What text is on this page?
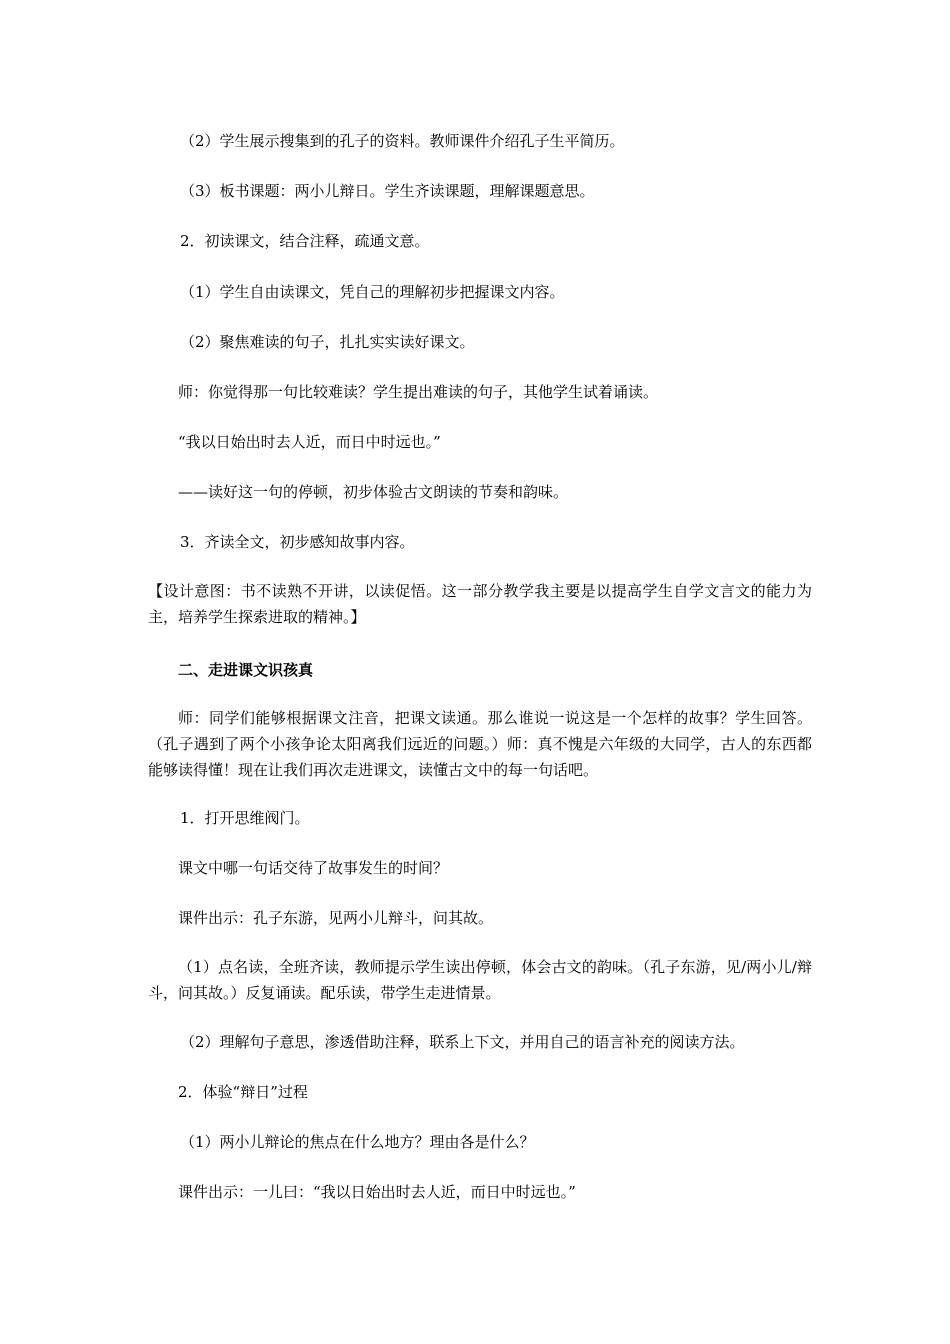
（2）学生展示搜集到的孔子的资料。教师课件介绍孔子生平简历。
（3）板书课题：两小儿辩日。学生齐读课题，理解课题意思。
2．初读课文，结合注释，疏通文意。
（1）学生自由读课文，凭自己的理解初步把握课文内容。
（2）聚焦难读的句子，扎扎实实读好课文。
师：你觉得那一句比较难读？学生提出难读的句子，其他学生试着诵读。
“我以日始出时去人近，而日中时远也。”
——读好这一句的停顿，初步体验古文朗读的节奏和韵味。
3．齐读全文，初步感知故事内容。
【设计意图：书不读熟不开讲，以读促悟。这一部分教学我主要是以提高学生自学文言文的能力为主，培养学生探索进取的精神。】
二、走进课文识孩真
师：同学们能够根据课文注音，把课文读通。那么谁说一说这是一个怎样的故事？学生回答。（孔子遇到了两个小孩争论太阳离我们远近的问题。）师：真不愧是六年级的大同学，古人的东西都能够读得懂！现在让我们再次走进课文，读懂古文中的每一句话吧。
1．打开思维阀门。
课文中哪一句话交待了故事发生的时间？
课件出示：孔子东游，见两小儿辩斗，问其故。
（1）点名读，全班齐读，教师提示学生读出停顿，体会古文的韵味。（孔子东游，见/两小儿/辩斗，问其故。）反复诵读。配乐读，带学生走进情景。
（2）理解句子意思，渗透借助注释，联系上下文，并用自己的语言补充的阅读方法。
2．体验“辩日”过程
（1）两小儿辩论的焦点在什么地方？理由各是什么？
课件出示：一儿曰：“我以日始出时去人近，而日中时远也。”
